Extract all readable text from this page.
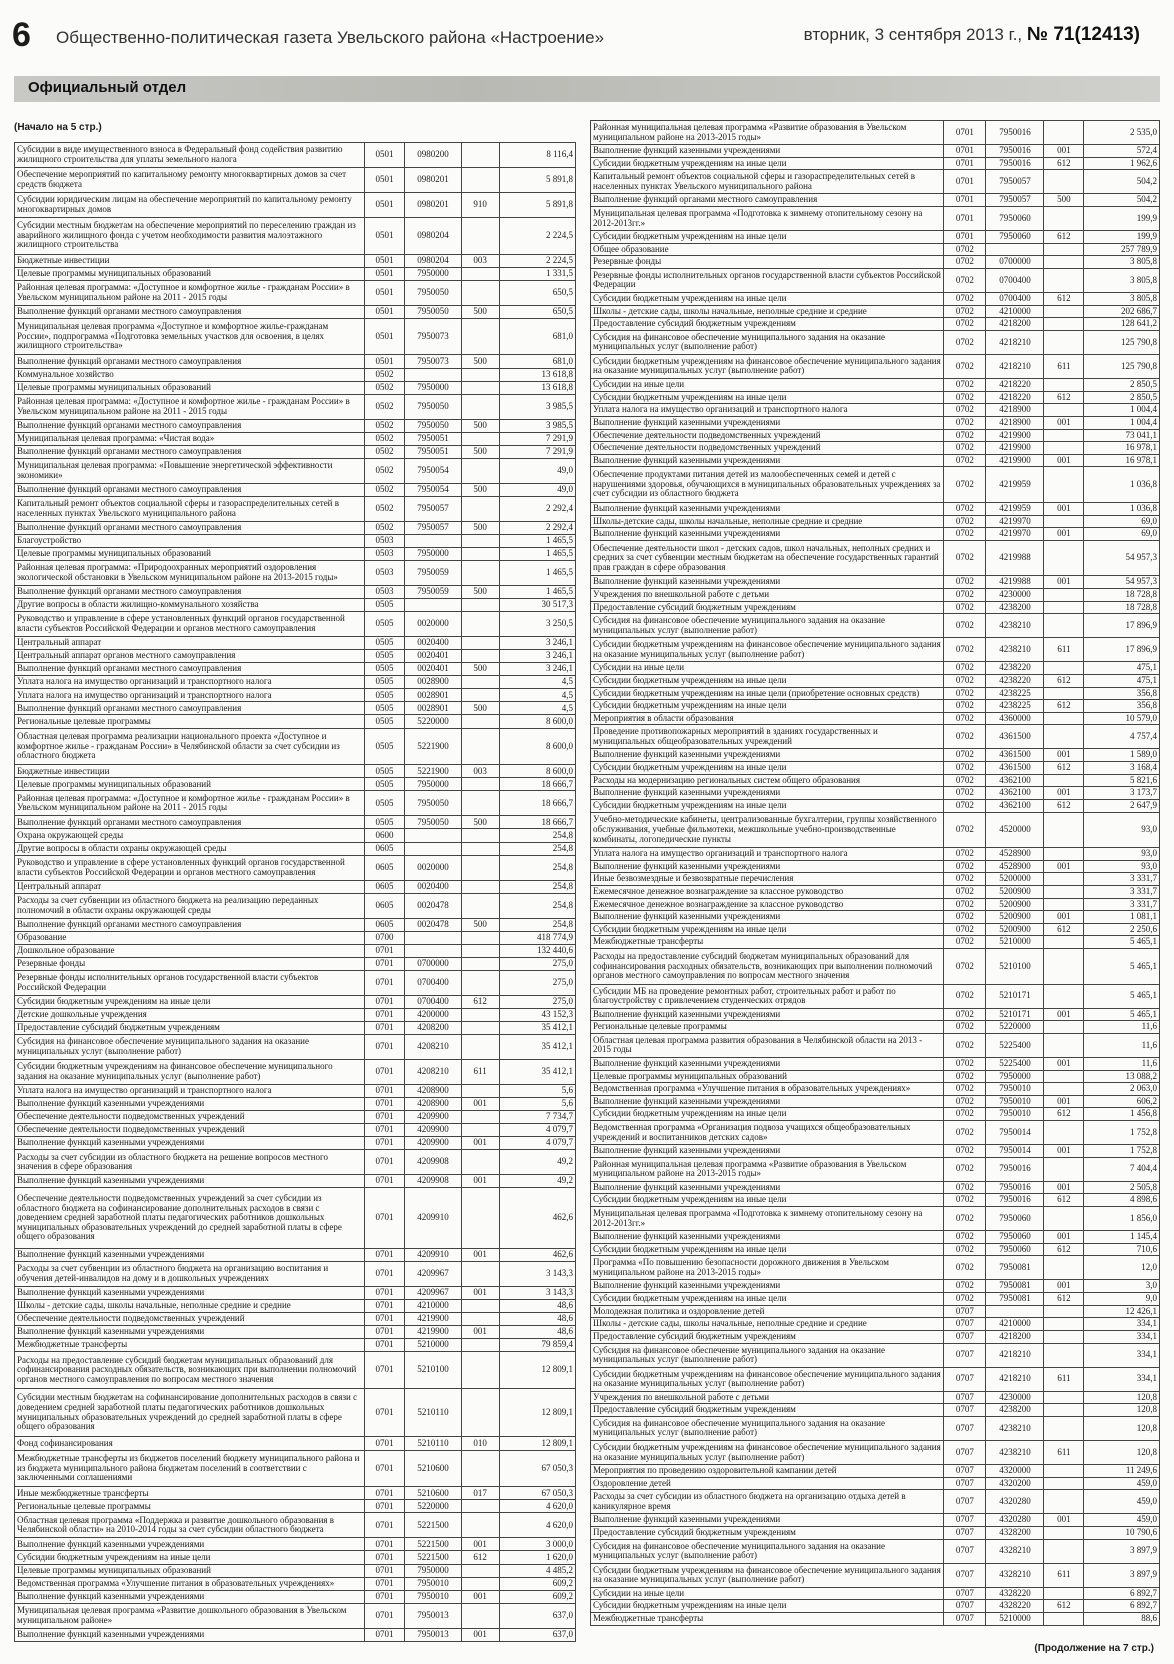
6 Общественно-политическая газета Увельского района «Настроение»	вторник, 3 сентября 2013 г., № 71(12413)
Официальный отдел
(Начало на 5 стр.)
Субсидии в виде имущественного взноса в Федеральный фонд содействия развитию жилищного строительства для уплаты земельного налога	0501	0980200		8 116,4
Обеспечение мероприятий по капитальному ремонту многоквартирных домов за счет средств бюджета	0501	0980201		5 891,8
Субсидии юридическим лицам на обеспечение мероприятий по капитальному ремонту многоквартирных домов	0501	0980201	910	5 891,8
Субсидии местным бюджетам на обеспечение мероприятий по переселению граждан из аварийного жилищного фонда с учетом необходимости развития малоэтажного жилищного строительства	0501	0980204		2 224,5
Бюджетные инвестиции	0501	0980204	003	2 224,5
Целевые программы муниципальных образований	0501	7950000		1 331,5
Районная целевая программа: «Доступное и комфортное жилье - гражданам России» в Увельском муниципальном районе на 2011 - 2015 годы	0501	7950050		650,5
Выполнение функций органами местного самоуправления	0501	7950050	500	650,5
Муниципальная целевая программа «Доступное и комфортное жилье-гражданам России», подпрограмма «Подготовка земельных участков для освоения, в целях жилищного строительства»	0501	7950073		681,0
Выполнение функций органами местного самоуправления	0501	7950073	500	681,0
Коммунальное хозяйство	0502			13 618,8
Целевые программы муниципальных образований	0502	7950000		13 618,8
Районная целевая программа: «Доступное и комфортное жилье - гражданам России» в Увельском муниципальном районе на 2011 - 2015 годы	0502	7950050		3 985,5
Выполнение функций органами местного самоуправления	0502	7950050	500	3 985,5
Муниципальная целевая программа: «Чистая вода»	0502	7950051		7 291,9
Выполнение функций органами местного самоуправления	0502	7950051	500	7 291,9
Муниципальная целевая программа: «Повышение энергетической эффективности экономики»	0502	7950054		49,0
Выполнение функций органами местного самоуправления	0502	7950054	500	49,0
Капитальный ремонт объектов социальной сферы и газораспределительных сетей в населенных пунктах Увельского муниципального района	0502	7950057		2 292,4
Выполнение функций органами местного самоуправления	0502	7950057	500	2 292,4
Благоустройство	0503			1 465,5
Целевые программы муниципальных образований	0503	7950000		1 465,5
Районная целевая программа: «Природоохранных мероприятий оздоровления экологической обстановки в Увельском муниципальном районе на 2013-2015 годы»	0503	7950059		1 465,5
Выполнение функций органами местного самоуправления	0503	7950059	500	1 465,5
Другие вопросы в области жилищно-коммунального хозяйства	0505			30 517,3
Руководство и управление в сфере установленных функций органов государственной власти субъектов Российской Федерации и органов местного самоуправления	0505	0020000		3 250,5
Центральный аппарат	0505	0020400		3 246,1
Центральный аппарат органов местного самоуправления	0505	0020401		3 246,1
Выполнение функций органами местного самоуправления	0505	0020401	500	3 246,1
Уплата налога на имущество организаций и транспортного налога	0505	0028900		4,5
Уплата налога на имущество организаций и транспортного налога	0505	0028901		4,5
Выполнение функций органами местного самоуправления	0505	0028901	500	4,5
Региональные целевые программы	0505	5220000		8 600,0
Областная целевая программа реализации национального проекта «Доступное и комфортное жилье - гражданам России» в Челябинской области за счет субсидии из областного бюджета	0505	5221900		8 600,0
Бюджетные инвестиции	0505	5221900	003	8 600,0
Целевые программы муниципальных образований	0505	7950000		18 666,7
Районная целевая программа: «Доступное и комфортное жилье - гражданам России» в Увельском муниципальном районе на 2011 - 2015 годы	0505	7950050		18 666,7
Выполнение функций органами местного самоуправления	0505	7950050	500	18 666,7
Охрана окружающей среды	0600			254,8
Другие вопросы в области охраны окружающей среды	0605			254,8
Руководство и управление в сфере установленных функций органов государственной власти субъектов Российской Федерации и органов местного самоуправления	0605	0020000		254,8
Центральный аппарат	0605	0020400		254,8
Расходы за счет субвенции из областного бюджета на реализацию переданных полномочий в области охраны окружающей среды	0605	0020478		254,8
Выполнение функций органами местного самоуправления	0605	0020478	500	254,8
Образование	0700			418 774,9
Дошкольное образование	0701			132 440,6
Резервные фонды	0701	0700000		275,0
Резервные фонды исполнительных органов государственной власти субъектов Российской Федерации	0701	0700400		275,0
Субсидии бюджетным учреждениям на иные цели	0701	0700400	612	275,0
Детские дошкольные учреждения	0701	4200000		43 152,3
Предоставление субсидий бюджетным учреждениям	0701	4208200		35 412,1
Субсидия на финансовое обеспечение муниципального задания на оказание муниципальных услуг (выполнение работ)	0701	4208210		35 412,1
Субсидии бюджетным учреждениям на финансовое обеспечение муниципального задания на оказание муниципальных услуг (выполнение работ)	0701	4208210	611	35 412,1
Уплата налога на имущество организаций и транспортного налога	0701	4208900		5,6
Выполнение функций казенными учреждениями	0701	4208900	001	5,6
Обеспечение деятельности подведомственных учреждений	0701	4209900		7 734,7
Обеспечение деятельности подведомственных учреждений	0701	4209900		4 079,7
Выполнение функций казенными учреждениями	0701	4209900	001	4 079,7
Расходы за счет субсидии из областного бюджета на решение вопросов местного значения в сфере образования	0701	4209908		49,2
Выполнение функций казенными учреждениями	0701	4209908	001	49,2
Обеспечение деятельности подведомственных учреждений за счет субсидии из областного бюджета на софинансирование дополнительных расходов в связи с доведением средней заработной платы педагогических работников дошкольных муниципальных образовательных учреждений до средней заработной платы в сфере общего образования	0701	4209910		462,6
Выполнение функций казенными учреждениями	0701	4209910	001	462,6
Расходы за счет субвенции из областного бюджета на организацию воспитания и обучения детей-инвалидов на дому и в дошкольных учреждениях	0701	4209967		3 143,3
Выполнение функций казенными учреждениями	0701	4209967	001	3 143,3
Школы - детские сады, школы начальные, неполные средние и средние	0701	4210000		48,6
Обеспечение деятельности подведомственных учреждений	0701	4219900		48,6
Выполнение функций казенными учреждениями	0701	4219900	001	48,6
Межбюджетные трансферты	0701	5210000		79 859,4
Расходы на предоставление субсидий бюджетам муниципальных образований для софинансирования расходных обязательств, возникающих при выполнении полномочий органов местного самоуправления по вопросам местного значения	0701	5210100		12 809,1
Субсидии местным бюджетам на софинансирование дополнительных расходов в связи с доведением средней заработной платы педагогических работников дошкольных муниципальных образовательных учреждений до средней заработной платы в сфере общего образования	0701	5210110		12 809,1
Фонд софинансирования	0701	5210110	010	12 809,1
Межбюджетные трансферты из бюджетов поселений бюджету муниципального района и из бюджета муниципального района бюджетам поселений в соответствии с заключенными соглашениями	0701	5210600		67 050,3
Иные межбюджетные трансферты	0701	5210600	017	67 050,3
Региональные целевые программы	0701	5220000		4 620,0
Областная целевая программа «Поддержка и развитие дошкольного образования в Челябинской области» на 2010-2014 годы за счет субсидии областного бюджета	0701	5221500		4 620,0
Выполнение функций казенными учреждениями	0701	5221500	001	3 000,0
Субсидии бюджетным учреждениям на иные цели	0701	5221500	612	1 620,0
Целевые программы муниципальных образований	0701	7950000		4 485,2
Ведомственная программа «Улучшение питания в образовательных учреждениях»	0701	7950010		609,2
Выполнение функций казенными учреждениями	0701	7950010	001	609,2
Муниципальная целевая программа «Развитие дошкольного образования в Увельском муниципальном районе»	0701	7950013		637,0
Выполнение функций казенными учреждениями	0701	7950013	001	637,0
Районная муниципальная целевая программа «Развитие образования в Увельском муниципальном районе на 2013-2015 годы»	0701	7950016		2 535,0
Выполнение функций казенными учреждениями	0701	7950016	001	572,4
Субсидии бюджетным учреждениям на иные цели	0701	7950016	612	1 962,6
Капитальный ремонт объектов социальной сферы и газораспределительных сетей в населенных пунктах Увельского муниципального района	0701	7950057		504,2
Выполнение функций органами местного самоуправления	0701	7950057	500	504,2
Муниципальная целевая программа «Подготовка к зимнему отопительному сезону на 2012-2013гг.»	0701	7950060		199,9
Субсидии бюджетным учреждениям на иные цели	0701	7950060	612	199,9
Общее образование	0702			257 789,9
Резервные фонды	0702	0700000		3 805,8
Резервные фонды исполнительных органов государственной власти субъектов Российской Федерации	0702	0700400		3 805,8
Субсидии бюджетным учреждениям на иные цели	0702	0700400	612	3 805,8
Школы - детские сады, школы начальные, неполные средние и средние	0702	4210000		202 686,7
Предоставление субсидий бюджетным учреждениям	0702	4218200		128 641,2
Субсидия на финансовое обеспечение муниципального задания на оказание муниципальных услуг (выполнение работ)	0702	4218210		125 790,8
Субсидии бюджетным учреждениям на финансовое обеспечение муниципального задания на оказание муниципальных услуг (выполнение работ)	0702	4218210	611	125 790,8
Субсидии на иные цели	0702	4218220		2 850,5
Субсидии бюджетным учреждениям на иные цели	0702	4218220	612	2 850,5
Уплата налога на имущество организаций и транспортного налога	0702	4218900		1 004,4
Выполнение функций казенными учреждениями	0702	4218900	001	1 004,4
Обеспечение деятельности подведомственных учреждений	0702	4219900		73 041,1
Обеспечение деятельности подведомственных учреждений	0702	4219900		16 978,1
Выполнение функций казенными учреждениями	0702	4219900	001	16 978,1
Обеспечение продуктами питания детей из малообеспеченных семей и детей с нарушениями здоровья, обучающихся в муниципальных образовательных учреждениях за счет субсидии из областного бюджета	0702	4219959		1 036,8
Выполнение функций казенными учреждениями	0702	4219959	001	1 036,8
Школы-детские сады, школы начальные, неполные средние и средние	0702	4219970		69,0
Выполнение функций казенными учреждениями	0702	4219970	001	69,0
Обеспечение деятельности школ - детских садов, школ начальных, неполных средних и средних за счет субвенции местным бюджетам на обеспечение государственных гарантий прав граждан в сфере образования	0702	4219988		54 957,3
Выполнение функций казенными учреждениями	0702	4219988	001	54 957,3
Учреждения по внешкольной работе с детьми	0702	4230000		18 728,8
Предоставление субсидий бюджетным учреждениям	0702	4238200		18 728,8
Субсидия на финансовое обеспечение муниципального задания на оказание муниципальных услуг (выполнение работ)	0702	4238210		17 896,9
Субсидии бюджетным учреждениям на финансовое обеспечение муниципального задания на оказание муниципальных услуг (выполнение работ)	0702	4238210	611	17 896,9
Субсидии на иные цели	0702	4238220		475,1
Субсидии бюджетным учреждениям на иные цели	0702	4238220	612	475,1
Субсидии бюджетным учреждениям на иные цели (приобретение основных средств)	0702	4238225		356,8
Субсидии бюджетным учреждениям на иные цели	0702	4238225	612	356,8
Мероприятия в области образования	0702	4360000		10 579,0
Проведение противопожарных мероприятий в зданиях государственных и муниципальных общеобразовательных учреждений	0702	4361500		4 757,4
Выполнение функций казенными учреждениями	0702	4361500	001	1 589,0
Субсидии бюджетным учреждениям на иные цели	0702	4361500	612	3 168,4
Расходы на модернизацию региональных систем общего образования	0702	4362100		5 821,6
Выполнение функций казенными учреждениями	0702	4362100	001	3 173,7
Субсидии бюджетным учреждениям на иные цели	0702	4362100	612	2 647,9
Учебно-методические кабинеты, централизованные бухгалтерии, группы хозяйственного обслуживания, учебные фильмотеки, межшкольные учебно-производственные комбинаты, логопедические пункты	0702	4520000		93,0
Уплата налога на имущество организаций и транспортного налога	0702	4528900		93,0
Выполнение функций казенными учреждениями	0702	4528900	001	93,0
Иные безвозмездные и безвозвратные перечисления	0702	5200000		3 331,7
Ежемесячное денежное вознаграждение за классное руководство	0702	5200900		3 331,7
Ежемесячное денежное вознаграждение за классное руководство	0702	5200900		3 331,7
Выполнение функций казенными учреждениями	0702	5200900	001	1 081,1
Субсидии бюджетным учреждениям на иные цели	0702	5200900	612	2 250,6
Межбюджетные трансферты	0702	5210000		5 465,1
Расходы на предоставление субсидий бюджетам муниципальных образований для софинансирования расходных обязательств, возникающих при выполнении полномочий органов местного самоуправления по вопросам местного значения	0702	5210100		5 465,1
Субсидии МБ на проведение ремонтных работ, строительных работ и работ по благоустройству с привлечением студенческих отрядов	0702	5210171		5 465,1
Выполнение функций казенными учреждениями	0702	5210171	001	5 465,1
Региональные целевые программы	0702	5220000		11,6
Областная целевая программа развития образования в Челябинской области на 2013 - 2015 годы	0702	5225400		11,6
Выполнение функций казенными учреждениями	0702	5225400	001	11,6
Целевые программы муниципальных образований	0702	7950000		13 088,2
Ведомственная программа «Улучшение питания в образовательных учреждениях»	0702	7950010		2 063,0
Выполнение функций казенными учреждениями	0702	7950010	001	606,2
Субсидии бюджетным учреждениям на иные цели	0702	7950010	612	1 456,8
Ведомственная программа «Организация подвоза учащихся общеобразовательных учреждений и воспитанников детских садов»	0702	7950014		1 752,8
Выполнение функций казенными учреждениями	0702	7950014	001	1 752,8
Районная муниципальная целевая программа «Развитие образования в Увельском муниципальном районе на 2013-2015 годы»	0702	7950016		7 404,4
Выполнение функций казенными учреждениями	0702	7950016	001	2 505,8
Субсидии бюджетным учреждениям на иные цели	0702	7950016	612	4 898,6
Муниципальная целевая программа «Подготовка к зимнему отопительному сезону на 2012-2013гг.»	0702	7950060		1 856,0
Выполнение функций казенными учреждениями	0702	7950060	001	1 145,4
Субсидии бюджетным учреждениям на иные цели	0702	7950060	612	710,6
Программа «По повышению безопасности дорожного движения в Увельском муниципальном районе на 2013-2015 годы»	0702	7950081		12,0
Выполнение функций казенными учреждениями	0702	7950081	001	3,0
Субсидии бюджетным учреждениям на иные цели	0702	7950081	612	9,0
Молодежная политика и оздоровление детей	0707			12 426,1
Школы - детские сады, школы начальные, неполные средние и средние	0707	4210000		334,1
Предоставление субсидий бюджетным учреждениям	0707	4218200		334,1
Субсидия на финансовое обеспечение муниципального задания на оказание муниципальных услуг (выполнение работ)	0707	4218210		334,1
Субсидии бюджетным учреждениям на финансовое обеспечение муниципального задания на оказание муниципальных услуг (выполнение работ)	0707	4218210	611	334,1
Учреждения по внешкольной работе с детьми	0707	4230000		120,8
Предоставление субсидий бюджетным учреждениям	0707	4238200		120,8
Субсидия на финансовое обеспечение муниципального задания на оказание муниципальных услуг (выполнение работ)	0707	4238210		120,8
Субсидии бюджетным учреждениям на финансовое обеспечение муниципального задания на оказание муниципальных услуг (выполнение работ)	0707	4238210	611	120,8
Мероприятия по проведению оздоровительной кампании детей	0707	4320000		11 249,6
Оздоровление детей	0707	4320200		459,0
Расходы за счет субсидии из областного бюджета на организацию отдыха детей в каникулярное время	0707	4320280		459,0
Выполнение функций казенными учреждениями	0707	4320280	001	459,0
Предоставление субсидий бюджетным учреждениям	0707	4328200		10 790,6
Субсидия на финансовое обеспечение муниципального задания на оказание муниципальных услуг (выполнение работ)	0707	4328210		3 897,9
Субсидии бюджетным учреждениям на финансовое обеспечение муниципального задания на оказание муниципальных услуг (выполнение работ)	0707	4328210	611	3 897,9
Субсидии на иные цели	0707	4328220		6 892,7
Субсидии бюджетным учреждениям на иные цели	0707	4328220	612	6 892,7
Межбюджетные трансферты	0707	5210000		88,6
(Продолжение на 7 стр.)
